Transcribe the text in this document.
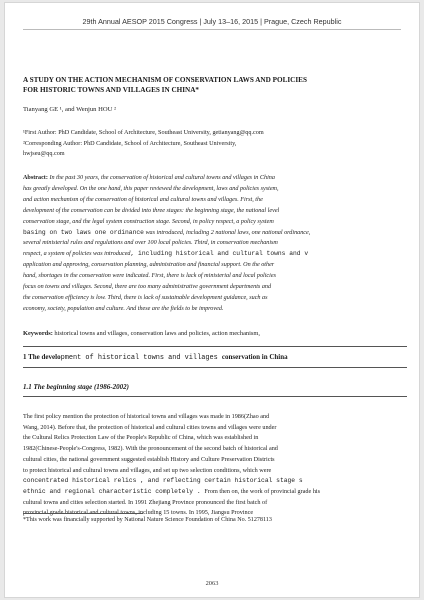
29th Annual AESOP 2015 Congress | July 13–16, 2015 | Prague, Czech Republic
A STUDY ON THE ACTION MECHANISM OF CONSERVATION LAWS AND POLICIES
FOR HISTORIC TOWNS AND VILLAGES IN CHINA*
Tianyang GE ¹, and Wenjun HOU ²
¹First Author: PhD Candidate, School of Architecture, Southeast University, getianyang@qq.com
²Corresponding Author: PhD Candidate, School of Architecture, Southeast University,
hwjseu@qq.com
Abstract: In the past 30 years, the conservation of historical and cultural towns and villages in China
has greatly developed. On the one hand, this paper reviewed the development, laws and policies system,
and action mechanism of the conservation of historical and cultural towns and villages. First, the
development of the conservation can be divided into three stages: the beginning stage, the national level
conservation stage, and the legal system construction stage. Second, in policy respect, a policy system
basing on two laws one ordinance was introduced, including 2 national laws, one national ordinance,
several ministerial rules and regulations and over 100 local policies. Third, in conservation mechanism
respect, a system of policies was introduced, including historical and cultural towns and v
application and approving, conservation planning, administration and financial support. On the other
hand, shortages in the conservation were indicated. First, there is lack of ministerial and local policies
focus on towns and villages. Second, there are too many administrative government departments and
the conservation efficiency is low. Third, there is lack of sustainable development guidance, such as
economy, society, population and culture. And these are the fields to be improved.
Keywords: historical towns and villages, conservation laws and policies, action mechanism,
1 The development of historical towns and villages conservation in China
1.1 The beginning stage (1986-2002)
The first policy mention the protection of historical towns and villages was made in 1986(Zhao and
Wang, 2014). Before that, the protection of historical and cultural cities towns and villages were under
the Cultural Relics Protection Law of the People's Republic of China, which was established in
1982(Chinese-People's-Congress, 1982). With the pronouncement of the second batch of historical and
cultural cities, the national government suggested establish History and Culture Preservation Districts
to protect historical and cultural towns and villages, and set up two selection conditions, which were
concentrated historical relics , and reflecting certain historical stage s
ethnic and regional characteristic completely . From then on, the work of provincial grade his
cultural towns and cities selection started. In 1991 Zhejiang Province pronounced the first batch of
provincial grade historical and cultural towns, including 15 towns. In 1995, Jiangsu Province
*This work was financially supported by National Nature Science Foundation of China No. 51278113
2063
